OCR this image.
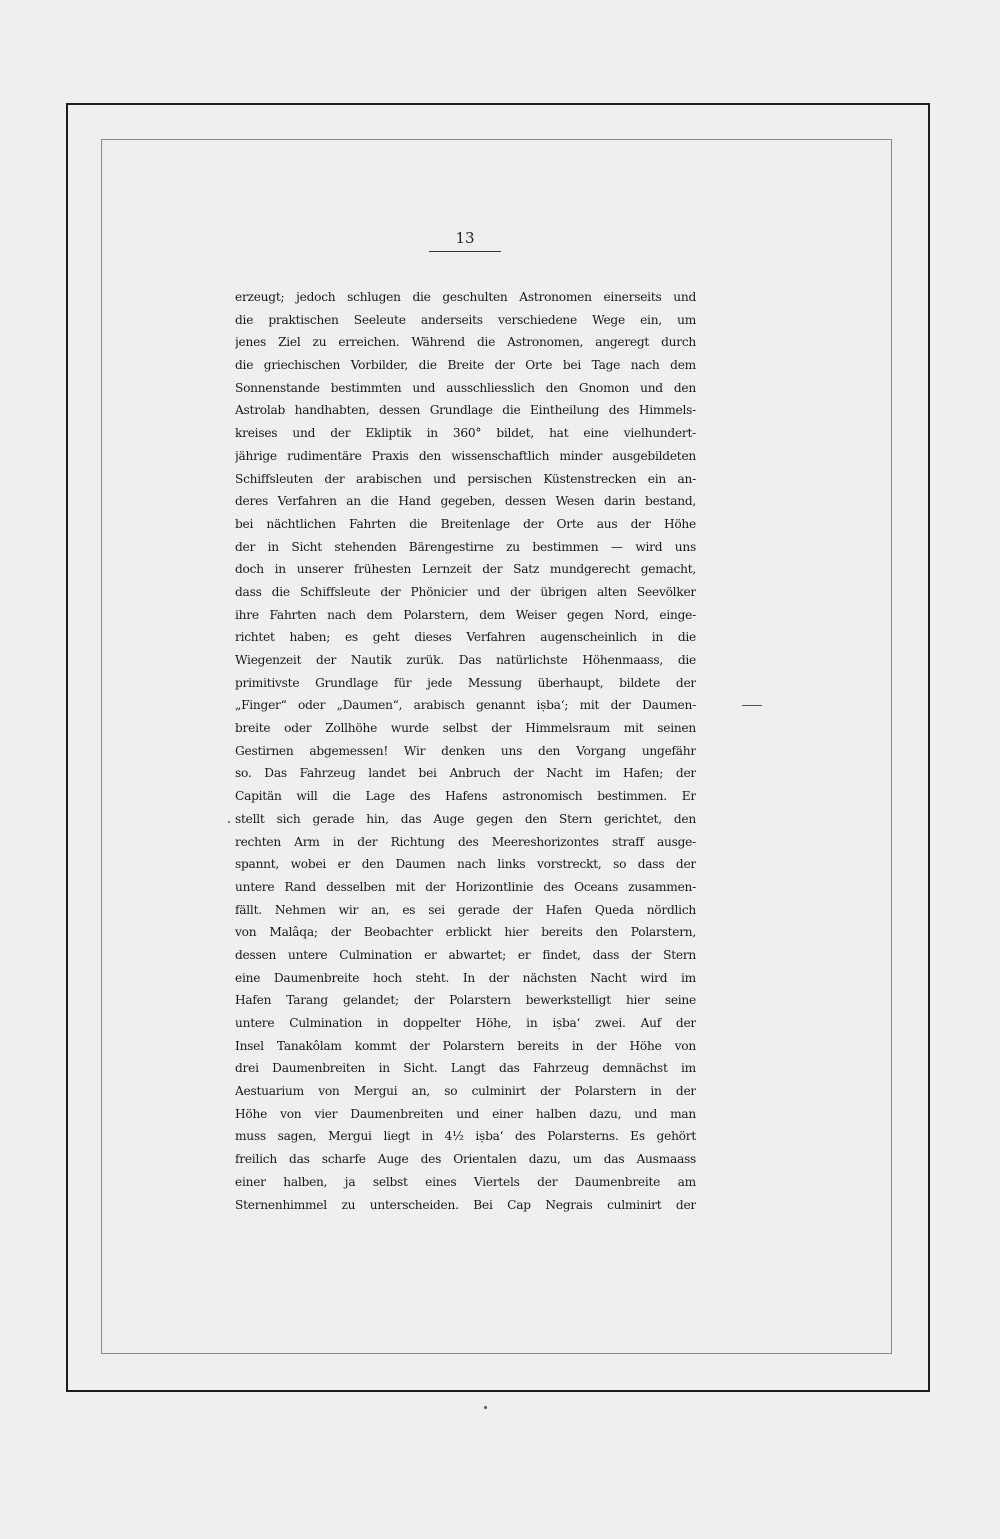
13
erzeugt; jedoch schlugen die geschulten Astronomen einerseits und
die praktischen Seeleute anderseits verschiedene Wege ein, um
jenes Ziel zu erreichen. Während die Astronomen, angeregt durch
die griechischen Vorbilder, die Breite der Orte bei Tage nach dem
Sonnenstande bestimmten und ausschliesslich den Gnomon und den
Astrolab handhabten, dessen Grundlage die Eintheilung des Himmels-
kreises und der Ekliptik in 360° bildet, hat eine vielhundert-
jährige rudimentäre Praxis den wissenschaftlich minder ausgebildeten
Schiffsleuten der arabischen und persischen Küstenstrecken ein an-
deres Verfahren an die Hand gegeben, dessen Wesen darin bestand,
bei nächtlichen Fahrten die Breitenlage der Orte aus der Höhe
der in Sicht stehenden Bärengestirne zu bestimmen — wird uns
doch in unserer frühesten Lernzeit der Satz mundgerecht gemacht,
dass die Schiffsleute der Phönicier und der übrigen alten Seevölker
ihre Fahrten nach dem Polarstern, dem Weiser gegen Nord, einge-
richtet haben; es geht dieses Verfahren augenscheinlich in die
Wiegenzeit der Nautik zurük. Das natürlichste Höhenmaass, die
primitivste Grundlage für jede Messung überhaupt, bildete der
„Finger“ oder „Daumen“, arabisch genannt iṣba‘; mit der Daumen-
breite oder Zollhöhe wurde selbst der Himmelsraum mit seinen
Gestirnen abgemessen! Wir denken uns den Vorgang ungefähr
so. Das Fahrzeug landet bei Anbruch der Nacht im Hafen; der
Capitän will die Lage des Hafens astronomisch bestimmen. Er
stellt sich gerade hin, das Auge gegen den Stern gerichtet, den
rechten Arm in der Richtung des Meereshorizontes straff ausge-
spannt, wobei er den Daumen nach links vorstreckt, so dass der
untere Rand desselben mit der Horizontlinie des Oceans zusammen-
fällt. Nehmen wir an, es sei gerade der Hafen Queda nördlich
von Malâqa; der Beobachter erblickt hier bereits den Polarstern,
dessen untere Culmination er abwartet; er findet, dass der Stern
eine Daumenbreite hoch steht. In der nächsten Nacht wird im
Hafen Tarang gelandet; der Polarstern bewerkstelligt hier seine
untere Culmination in doppelter Höhe, in iṣba‘ zwei. Auf der
Insel Tanakôlam kommt der Polarstern bereits in der Höhe von
drei Daumenbreiten in Sicht. Langt das Fahrzeug demnächst im
Aestuarium von Mergui an, so culminirt der Polarstern in der
Höhe von vier Daumenbreiten und einer halben dazu, und man
muss sagen, Mergui liegt in 4½ iṣba‘ des Polarsterns. Es gehört
freilich das scharfe Auge des Orientalen dazu, um das Ausmaass
einer halben, ja selbst eines Viertels der Daumenbreite am
Sternenhimmel zu unterscheiden. Bei Cap Negrais culminirt der
